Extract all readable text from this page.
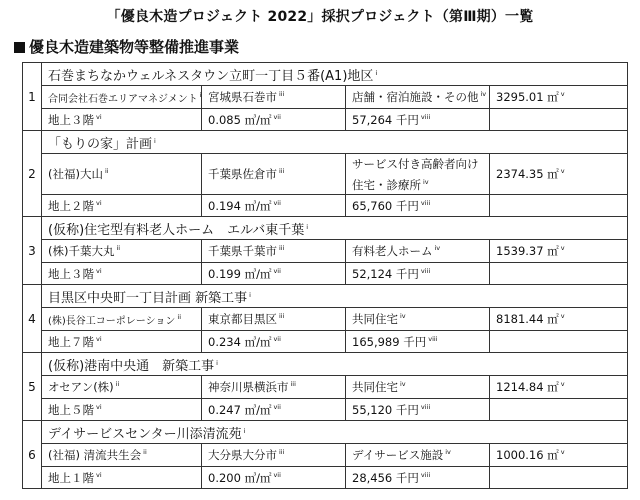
「優良木造プロジェクト 2022」採択プロジェクト（第Ⅲ期）一覧
優良木造建築物等整備推進事業
1	石巻まちなかウェルネスタウン立町一丁目５番(A1)地区 $^i$
	合同会社石巻エリアマネジメント $^i$	宮城県石巻市 $^{iii}$	店舗・宿泊施設・その他 $^{iv}$	3295.01 ㎡ $^v$
	地上３階 $^{vi}$	0.085 ㎥/㎡ $^{vii}$	57,264 千円 $^{viii}$	
2	「もりの家」計画 $^i$
	(社福)大山 $^{ii}$	千葉県佐倉市 $^{iii}$	サービス付き高齢者向け住宅・診療所 $^{iv}$	2374.35 ㎡ $^v$
	地上２階 $^{vi}$	0.194 ㎥/㎡ $^{vii}$	65,760 千円 $^{viii}$	
3	(仮称)住宅型有料老人ホーム　エルバ東千葉 $^i$
	(株)千葉大丸 $^{ii}$	千葉県千葉市 $^{iii}$	有料老人ホーム $^{iv}$	1539.37 ㎡ $^v$
	地上３階 $^{vi}$	0.199 ㎥/㎡ $^{vii}$	52,124 千円 $^{viii}$	
4	目黒区中央町一丁目計画 新築工事 $^i$
	(株)長谷工コーポレーション $^{ii}$	東京都目黒区 $^{iii}$	共同住宅 $^{iv}$	8181.44 ㎡ $^v$
	地上７階 $^{vi}$	0.234 ㎥/㎡ $^{vii}$	165,989 千円 $^{viii}$	
5	(仮称)港南中央通　新築工事 $^i$
	オセアン(株) $^{ii}$	神奈川県横浜市 $^{iii}$	共同住宅 $^{iv}$	1214.84 ㎡ $^v$
	地上５階 $^{vi}$	0.247 ㎥/㎡ $^{vii}$	55,120 千円 $^{viii}$	
6	デイサービスセンター川添清流苑 $^i$
	(社福) 清流共生会 $^{ii}$	大分県大分市 $^{iii}$	デイサービス施設 $^{iv}$	1000.16 ㎡ $^v$
	地上１階 $^{vi}$	0.200 ㎥/㎡ $^{vii}$	28,456 千円 $^{viii}$	
